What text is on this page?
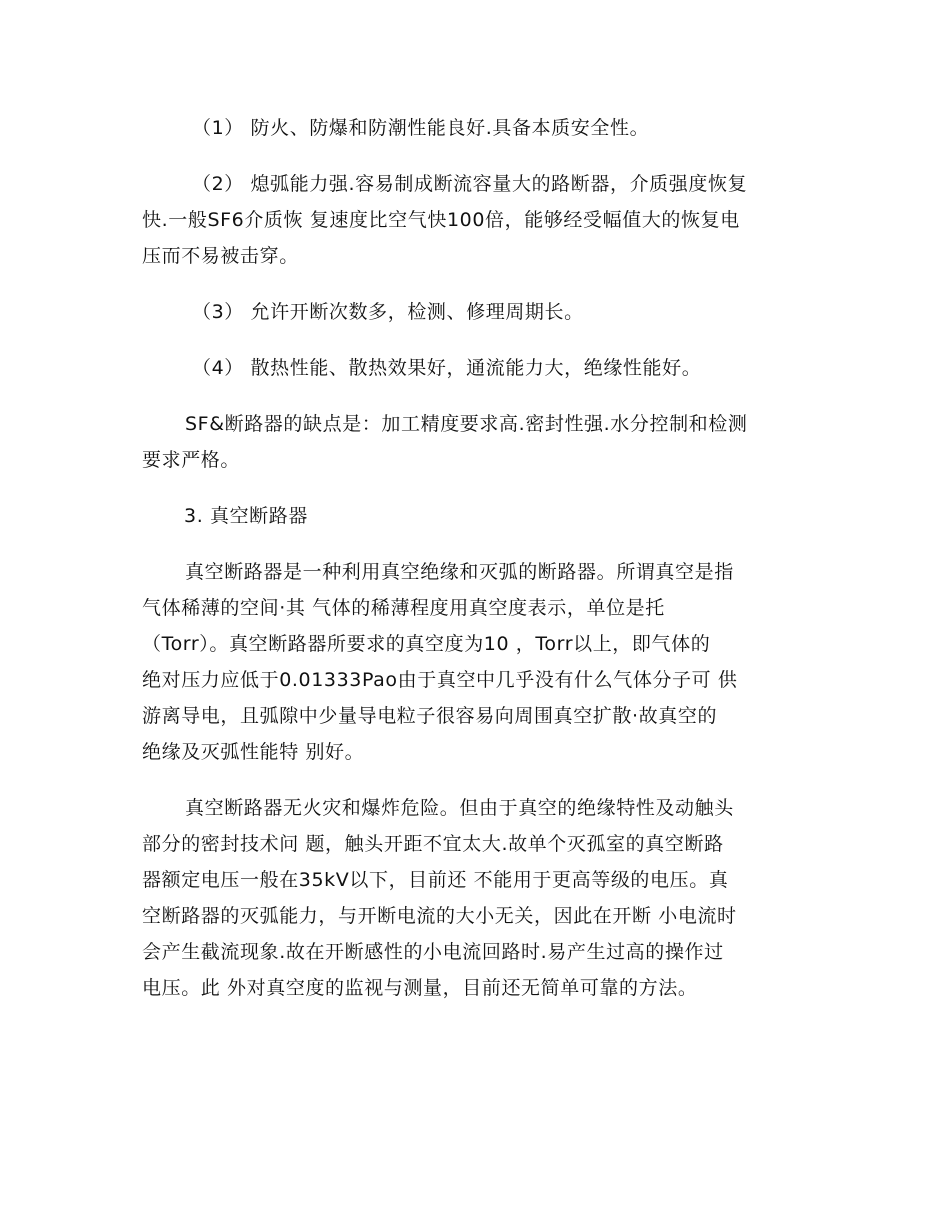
（1） 防火、防爆和防潮性能良好.具备本质安全性。

（2） 熄弧能力强.容易制成断流容量大的路断器，介质强度恢复
快.一般SF6介质恢 复速度比空气快100倍，能够经受幅值大的恢复电
压而不易被击穿。

（3） 允许开断次数多，检测、修理周期长。

（4） 散热性能、散热效果好，通流能力大，绝缘性能好。

SF&断路器的缺点是：加工精度要求高.密封性强.水分控制和检测
要求严格。

3. 真空断路器

真空断路器是一种利用真空绝缘和灭弧的断路器。所谓真空是指
气体稀薄的空间·其 气体的稀薄程度用真空度表示，单位是托
（Torr）。真空断路器所要求的真空度为10 ，Torr以上，即气体的
绝对压力应低于0.01333Pao由于真空中几乎没有什么气体分子可 供
游离导电，且弧隙中少量导电粒子很容易向周围真空扩散·故真空的
绝缘及灭弧性能特 别好。

真空断路器无火灾和爆炸危险。但由于真空的绝缘特性及动触头
部分的密封技术问 题，触头开距不宜太大.故单个灭孤室的真空断路
器额定电压一般在35kV以下，目前还 不能用于更高等级的电压。真
空断路器的灭弧能力，与开断电流的大小无关，因此在开断 小电流时
会产生截流现象.故在开断感性的小电流回路时.易产生过高的操作过
电压。此 外对真空度的监视与测量，目前还无简单可靠的方法。
